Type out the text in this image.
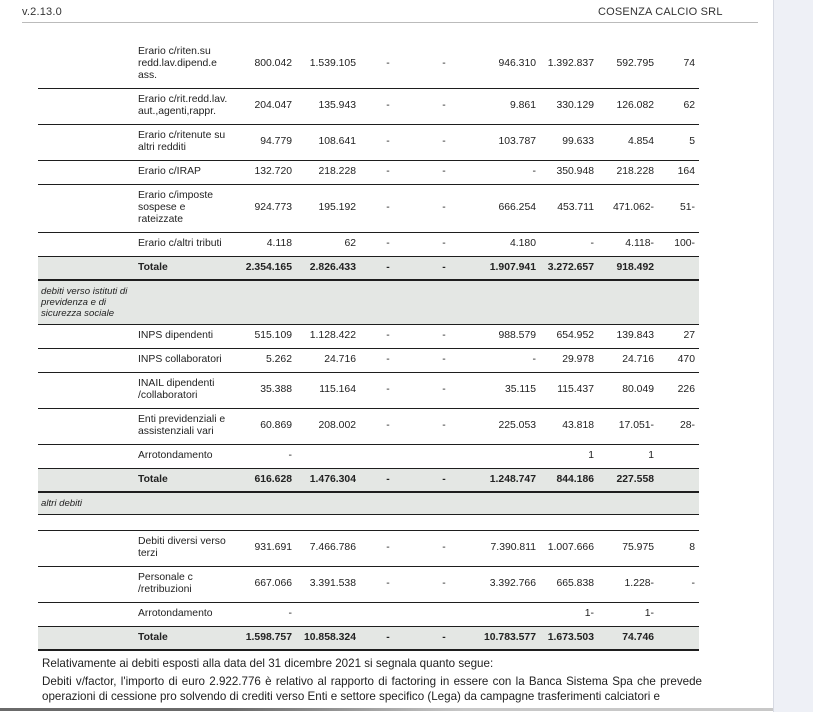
v.2.13.0	COSENZA CALCIO SRL
	Erario c/riten.su redd.lav.dipend.e ass.	800.042	1.539.105	-	-	946.310	1.392.837	592.795	74
	Erario c/rit.redd.lav. aut.,agenti,rappr.	204.047	135.943	-	-	9.861	330.129	126.082	62
	Erario c/ritenute su altri redditi	94.779	108.641	-	-	103.787	99.633	4.854	5
	Erario c/IRAP	132.720	218.228	-	-	-	350.948	218.228	164
	Erario c/imposte sospese e rateizzate	924.773	195.192	-	-	666.254	453.711	471.062-	51-
	Erario c/altri tributi	4.118	62	-	-	4.180	-	4.118-	100-
	Totale	2.354.165	2.826.433	-	-	1.907.941	3.272.657	918.492	
debiti verso istituti di previdenza e di sicurezza sociale									
	INPS dipendenti	515.109	1.128.422	-	-	988.579	654.952	139.843	27
	INPS collaboratori	5.262	24.716	-	-	-	29.978	24.716	470
	INAIL dipendenti /collaboratori	35.388	115.164	-	-	35.115	115.437	80.049	226
	Enti previdenziali e assistenziali vari	60.869	208.002	-	-	225.053	43.818	17.051-	28-
	Arrotondamento	-					1	1	
	Totale	616.628	1.476.304	-	-	1.248.747	844.186	227.558	
altri debiti									

	Debiti diversi verso terzi	931.691	7.466.786	-	-	7.390.811	1.007.666	75.975	8
	Personale c /retribuzioni	667.066	3.391.538	-	-	3.392.766	665.838	1.228-	-
	Arrotondamento	-					1-	1-	
	Totale	1.598.757	10.858.324	-	-	10.783.577	1.673.503	74.746	
Relativamente ai debiti esposti alla data del 31 dicembre 2021 si segnala quanto segue:
Debiti v/factor, l'importo di euro 2.922.776 è relativo al rapporto di factoring in essere con la Banca Sistema Spa che prevede operazioni di cessione pro solvendo di crediti verso Enti e settore specifico (Lega) da campagne trasferimenti calciatori e
